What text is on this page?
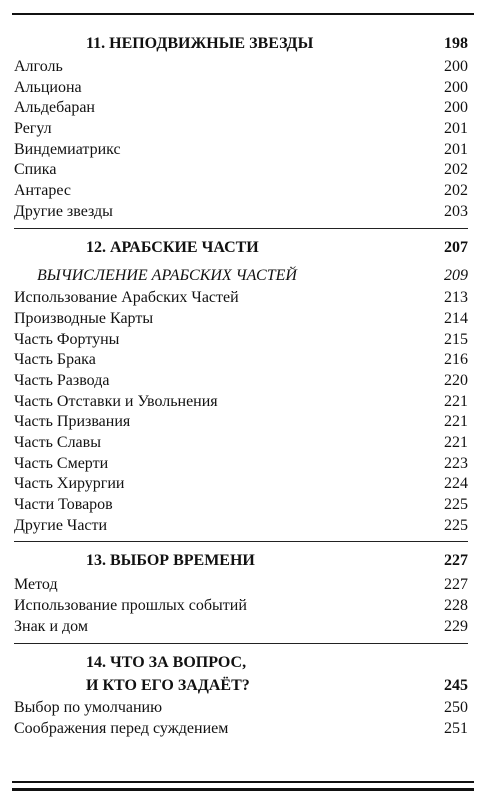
11. НЕПОДВИЖНЫЕ ЗВЕЗДЫ	198
Алголь	200
Альциона	200
Альдебаран	200
Регул	201
Виндемиатрикс	201
Спика	202
Антарес	202
Другие звезды	203
12. АРАБСКИЕ ЧАСТИ	207
ВЫЧИСЛЕНИЕ АРАБСКИХ ЧАСТЕЙ	209
Использование Арабских Частей	213
Производные Карты	214
Часть Фортуны	215
Часть Брака	216
Часть Развода	220
Часть Отставки и Увольнения	221
Часть Призвания	221
Часть Славы	221
Часть Смерти	223
Часть Хирургии	224
Части Товаров	225
Другие Части	225
13. ВЫБОР ВРЕМЕНИ	227
Метод	227
Использование прошлых событий	228
Знак и дом	229
14. ЧТО ЗА ВОПРОС,
И КТО ЕГО ЗАДАЁТ?	245
Выбор по умолчанию	250
Соображения перед суждением	251
